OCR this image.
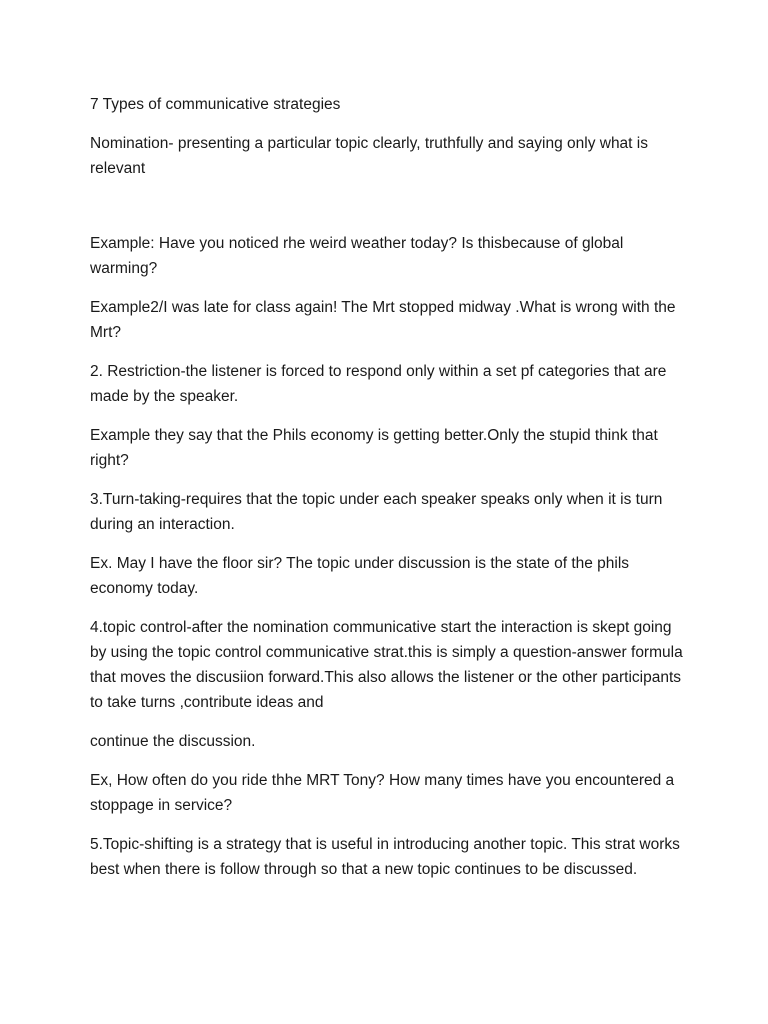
7 Types of communicative strategies

Nomination- presenting a particular topic clearly, truthfully and saying only what is relevant

Example: Have you noticed rhe weird weather today? Is thisbecause of global warming?

Example2/I was late for class again! The Mrt stopped midway .What is wrong with the Mrt?

2. Restriction-the listener is forced to respond only within a set pf categories that are made by the speaker.

Example they say that the Phils economy is getting better.Only the stupid think that right?

3.Turn-taking-requires that the topic under each speaker speaks only when it is turn during an interaction.

Ex. May I have the floor sir? The topic under discussion is the state of the phils economy today.

4.topic control-after the nomination communicative start the interaction is skept going by using the topic control communicative strat.this is simply a question-answer formula that moves the discusiion forward.This also allows the listener or the other participants to take turns ,contribute ideas and

continue the discussion.

Ex, How often do you ride thhe MRT Tony? How many times have you encountered a stoppage in service?

5.Topic-shifting is a strategy that is useful in introducing another topic. This strat works best when there is follow through so that a new topic continues to be discussed.
